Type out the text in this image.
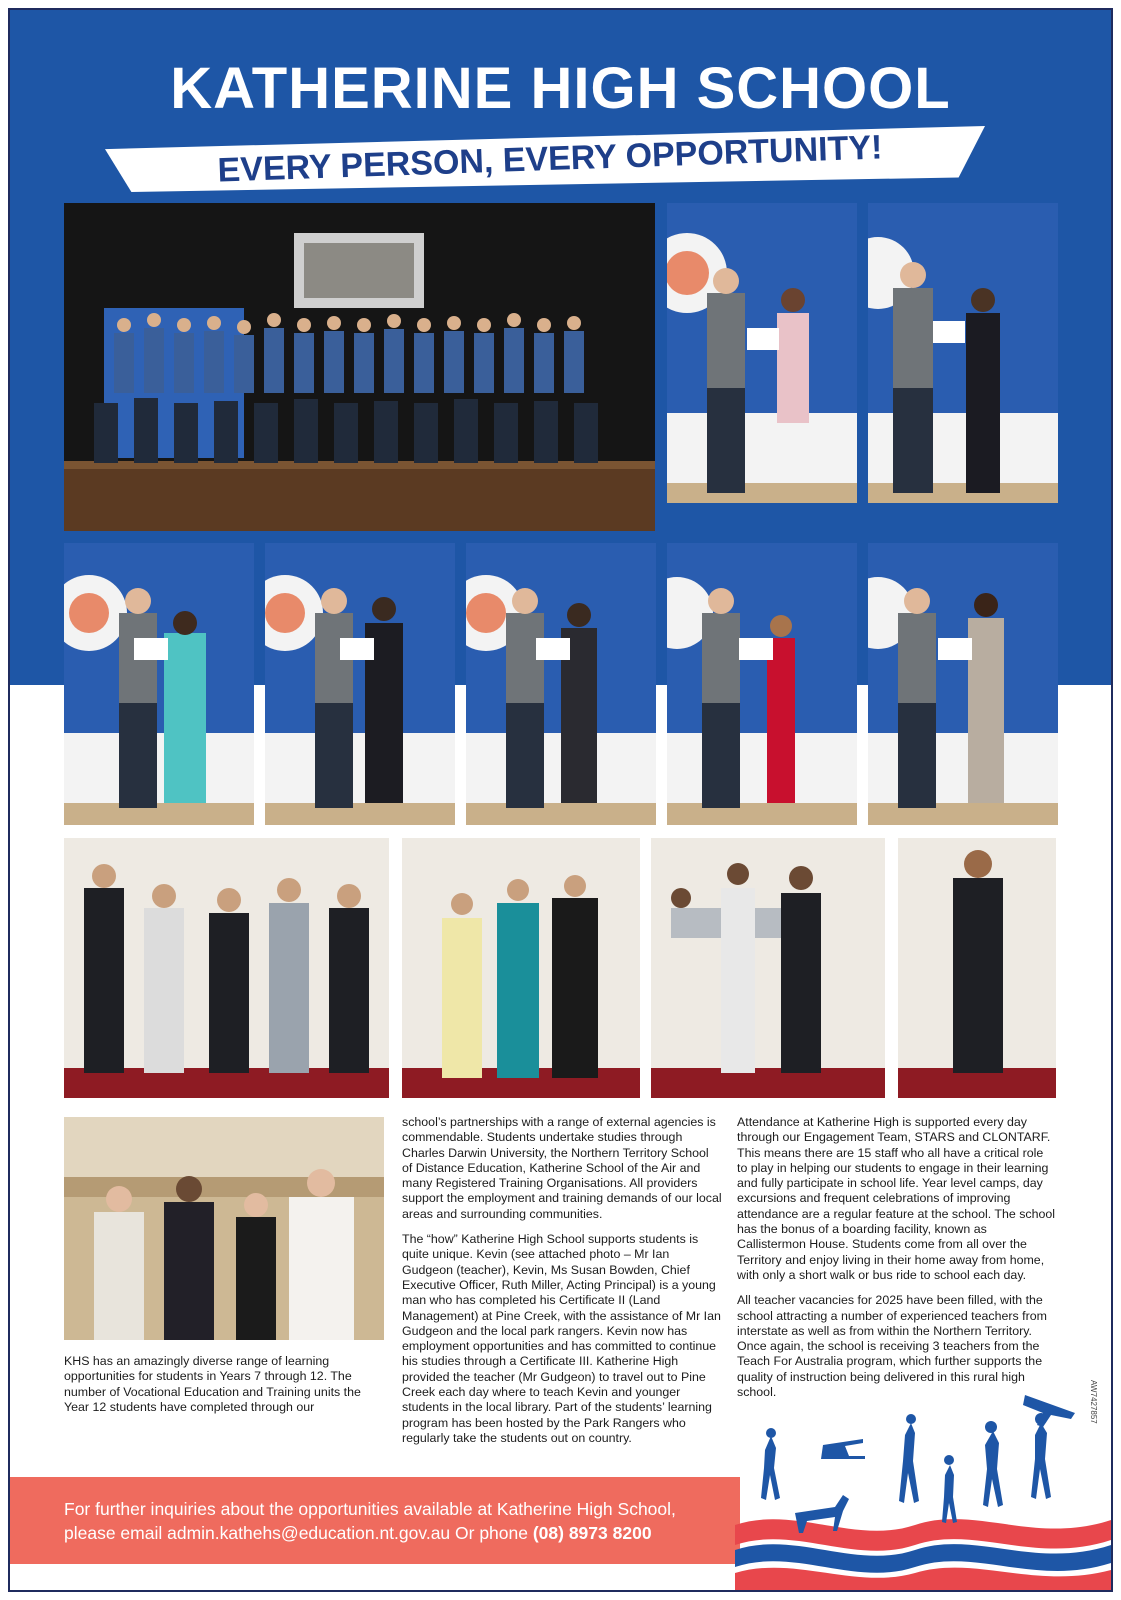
KATHERINE HIGH SCHOOL
EVERY PERSON, EVERY OPPORTUNITY!

KHS has an amazingly diverse range of learning opportunities for students in Years 7 through 12. The number of Vocational Education and Training units the Year 12 students have completed through our

school’s partnerships with a range of external agencies is commendable. Students undertake studies through Charles Darwin University, the Northern Territory School of Distance Education, Katherine School of the Air and many Registered Training Organisations. All providers support the employment and training demands of our local areas and surrounding communities.

The “how” Katherine High School supports students is quite unique. Kevin (see attached photo – Mr Ian Gudgeon (teacher), Kevin, Ms Susan Bowden, Chief Executive Officer, Ruth Miller, Acting Principal) is a young man who has completed his Certificate II (Land Management) at Pine Creek, with the assistance of Mr Ian Gudgeon and the local park rangers. Kevin now has employment opportunities and has committed to continue his studies through a Certificate III. Katherine High provided the teacher (Mr Gudgeon) to travel out to Pine Creek each day where to teach Kevin and younger students in the local library. Part of the students’ learning program has been hosted by the Park Rangers who regularly take the students out on country.

Attendance at Katherine High is supported every day through our Engagement Team, STARS and CLONTARF. This means there are 15 staff who all have a critical role to play in helping our students to engage in their learning and fully participate in school life. Year level camps, day excursions and frequent celebrations of improving attendance are a regular feature at the school. The school has the bonus of a boarding facility, known as Callistermon House. Students come from all over the Territory and enjoy living in their home away from home, with only a short walk or bus ride to school each day.

All teacher vacancies for 2025 have been filled, with the school attracting a number of experienced teachers from interstate as well as from within the Northern Territory. Once again, the school is receiving 3 teachers from the Teach For Australia program, which further supports the quality of instruction being delivered in this rural high school.

For further inquiries about the opportunities available at Katherine High School,
please email admin.kathehs@education.nt.gov.au Or phone (08) 8973 8200
AW7427857
